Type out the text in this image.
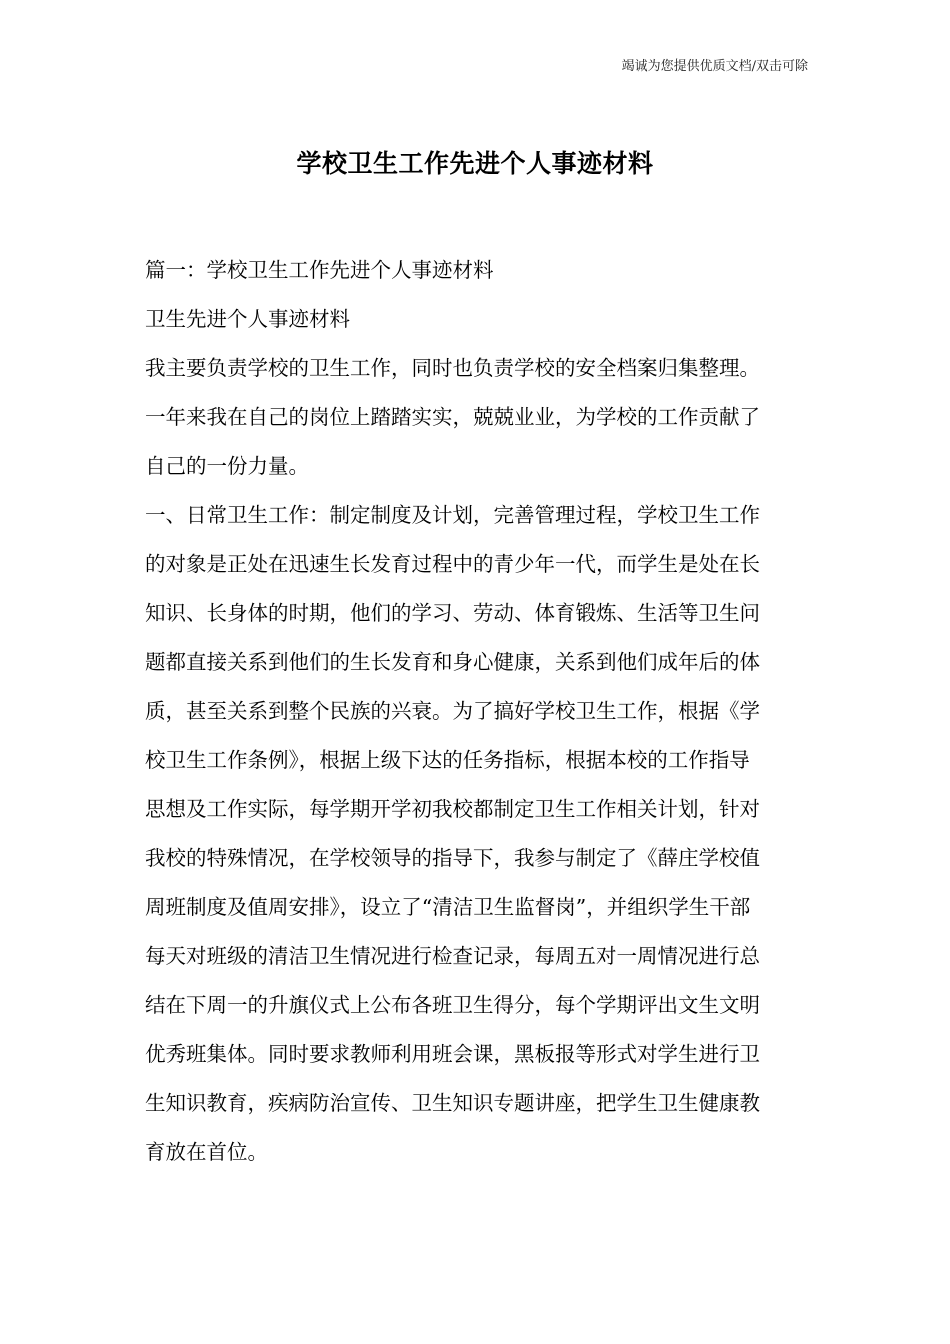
竭诚为您提供优质文档/双击可除
学校卫生工作先进个人事迹材料
篇一：学校卫生工作先进个人事迹材料
卫生先进个人事迹材料
我主要负责学校的卫生工作，同时也负责学校的安全档案归集整理。
一年来我在自己的岗位上踏踏实实，兢兢业业，为学校的工作贡献了
自己的一份力量。
一、日常卫生工作：制定制度及计划，完善管理过程，学校卫生工作
的对象是正处在迅速生长发育过程中的青少年一代，而学生是处在长
知识、长身体的时期，他们的学习、劳动、体育锻炼、生活等卫生问
题都直接关系到他们的生长发育和身心健康，关系到他们成年后的体
质，甚至关系到整个民族的兴衰。为了搞好学校卫生工作，根据《学
校卫生工作条例》，根据上级下达的任务指标，根据本校的工作指导
思想及工作实际，每学期开学初我校都制定卫生工作相关计划，针对
我校的特殊情况，在学校领导的指导下，我参与制定了《薛庄学校值
周班制度及值周安排》，设立了“清洁卫生监督岗”，并组织学生干部
每天对班级的清洁卫生情况进行检查记录，每周五对一周情况进行总
结在下周一的升旗仪式上公布各班卫生得分，每个学期评出文生文明
优秀班集体。同时要求教师利用班会课，黑板报等形式对学生进行卫
生知识教育，疾病防治宣传、卫生知识专题讲座，把学生卫生健康教
育放在首位。
